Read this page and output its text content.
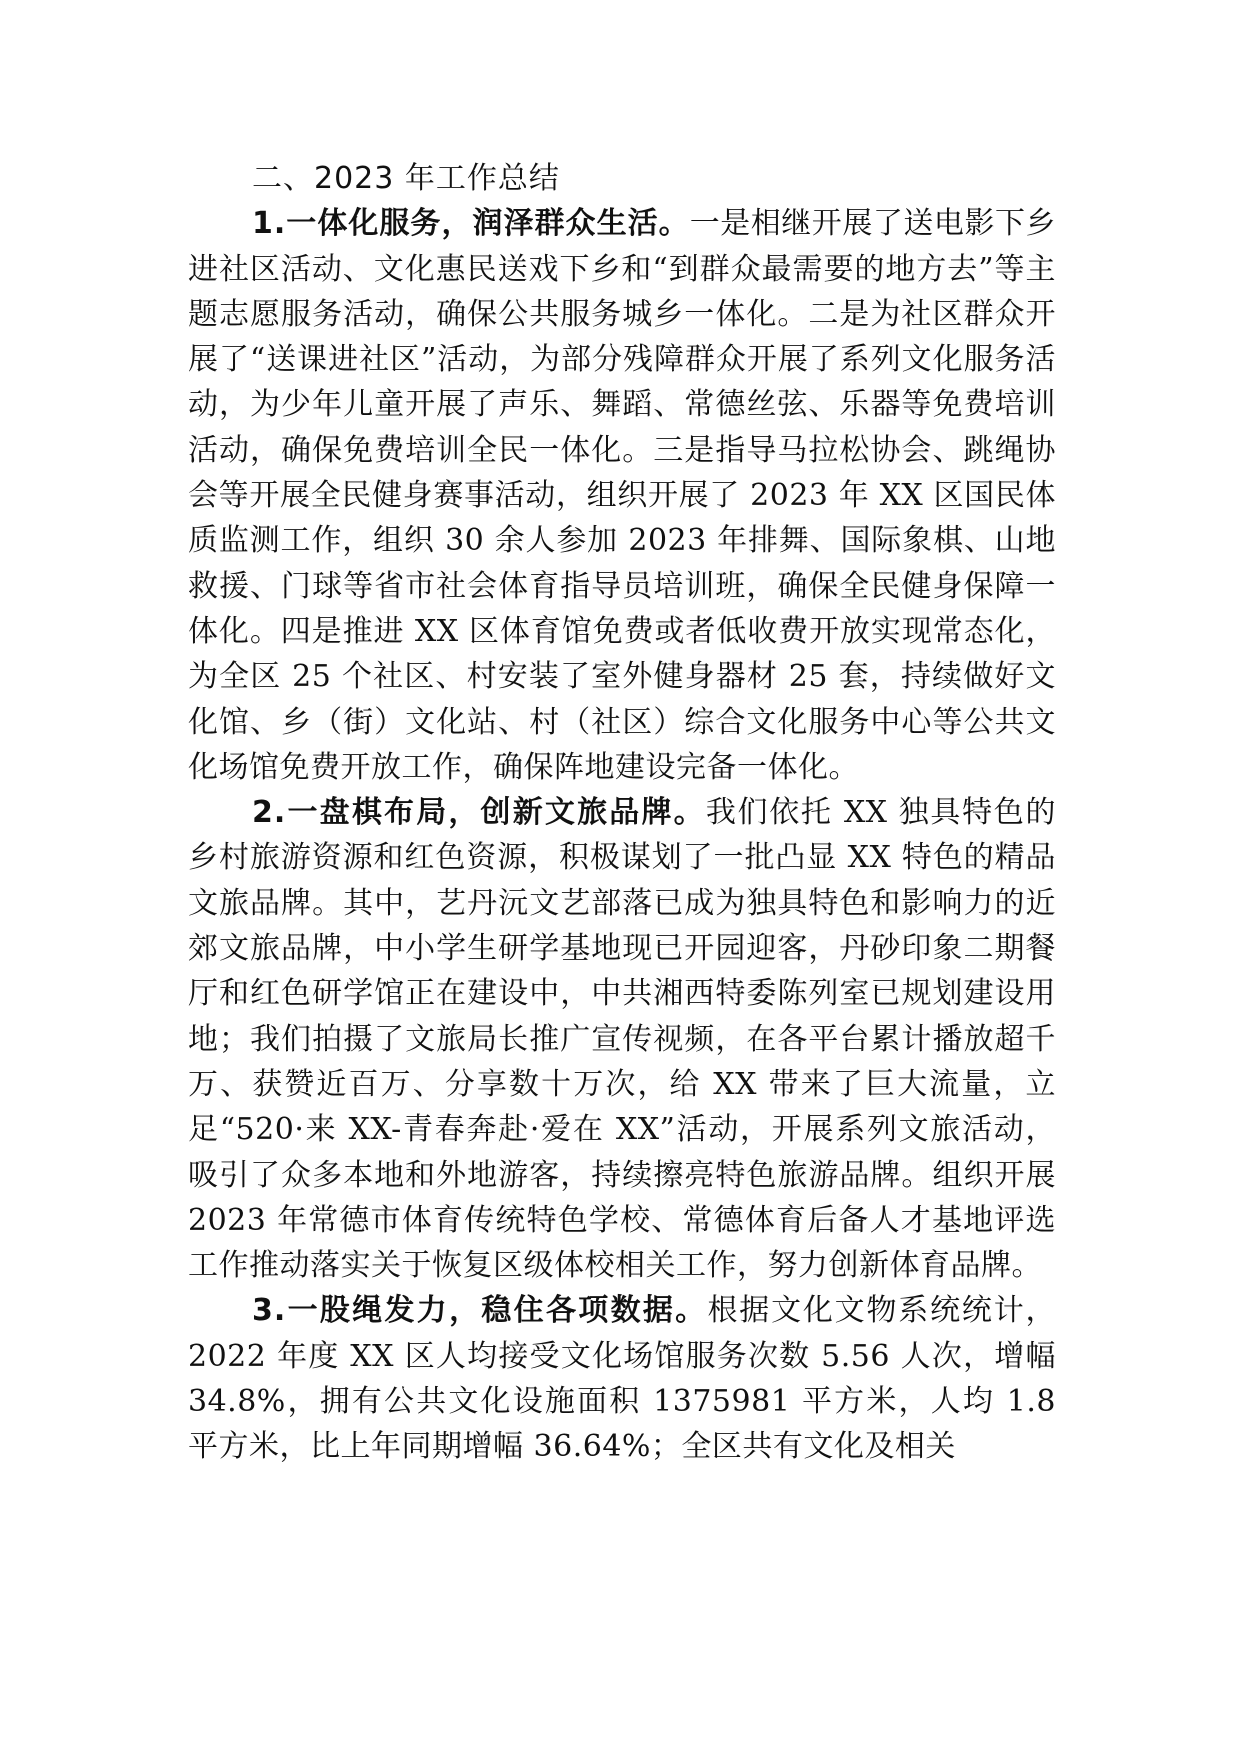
二、2023 年工作总结

1.一体化服务，润泽群众生活。一是相继开展了送电影下乡进社区活动、文化惠民送戏下乡和“到群众最需要的地方去”等主题志愿服务活动，确保公共服务城乡一体化。二是为社区群众开展了“送课进社区”活动，为部分残障群众开展了系列文化服务活动，为少年儿童开展了声乐、舞蹈、常德丝弦、乐器等免费培训活动，确保免费培训全民一体化。三是指导马拉松协会、跳绳协会等开展全民健身赛事活动，组织开展了 2023 年 XX 区国民体质监测工作，组织 30 余人参加 2023 年排舞、国际象棋、山地救援、门球等省市社会体育指导员培训班，确保全民健身保障一体化。四是推进 XX 区体育馆免费或者低收费开放实现常态化，为全区 25 个社区、村安装了室外健身器材 25 套，持续做好文化馆、乡（街）文化站、村（社区）综合文化服务中心等公共文化场馆免费开放工作，确保阵地建设完备一体化。

2.一盘棋布局，创新文旅品牌。我们依托 XX 独具特色的乡村旅游资源和红色资源，积极谋划了一批凸显 XX 特色的精品文旅品牌。其中，艺丹沅文艺部落已成为独具特色和影响力的近郊文旅品牌，中小学生研学基地现已开园迎客，丹砂印象二期餐厅和红色研学馆正在建设中，中共湘西特委陈列室已规划建设用地；我们拍摄了文旅局长推广宣传视频，在各平台累计播放超千万、获赞近百万、分享数十万次，给 XX 带来了巨大流量，立足“520·来 XX-青春奔赴·爱在 XX”活动，开展系列文旅活动，吸引了众多本地和外地游客，持续擦亮特色旅游品牌。组织开展 2023 年常德市体育传统特色学校、常德体育后备人才基地评选工作推动落实关于恢复区级体校相关工作，努力创新体育品牌。

3.一股绳发力，稳住各项数据。根据文化文物系统统计，2022 年度 XX 区人均接受文化场馆服务次数 5.56 人次，增幅 34.8%，拥有公共文化设施面积 1375981 平方米，人均 1.8 平方米，比上年同期增幅 36.64%；全区共有文化及相关
